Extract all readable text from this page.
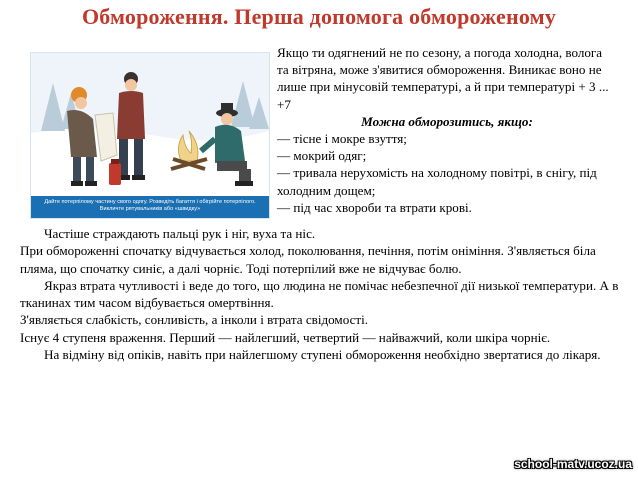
Обмороження. Перша допомога обмороженому
Дайте потерпілому частину свого одягу. Розведіть багаття і обігрійте потерпілого. Викличте рятувальників або «швидку»

Якщо ти одягнений не по сезону, а погода холодна, волога та вітряна, може з'явитися обмороження. Виникає воно не лише при мінусовій температурі, а й при температурі + 3 ... +7

Можна обморозитись, якщо:

— тісне і мокре взуття;

— мокрий одяг;

— тривала нерухомість на холодному повітрі, в снігу, під холодним дощем;

— під час хвороби та втрати крові.

Частіше страждають пальці рук і ніг, вуха та ніс.

При обмороженні спочатку відчувається холод, поколювання, печіння, потім оніміння. З'являється біла пляма, що спочатку синіє, а далі чорніє. Тоді потерпілий вже не відчуває болю.

Якраз втрата чутливості і веде до того, що людина не помічає небезпечної дії низької температури. А в тканинах тим часом відбувається омертвіння.

З'являється слабкість, сонливість, а інколи і втрата свідомості.

Існує 4 ступеня враження. Перший — найлегший, четвертий — найважчий, коли шкіра чорніє.

На відміну від опіків, навіть при найлегшому ступені обмороження необхідно звертатися до лікаря.

school-matv.ucoz.ua
